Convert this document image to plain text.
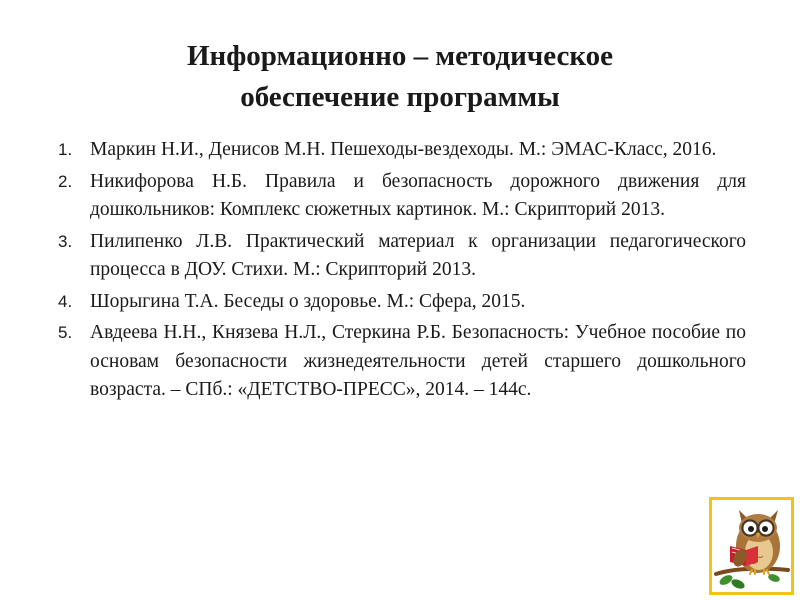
Информационно – методическое
обеспечение программы
1. Маркин Н.И., Денисов М.Н. Пешеходы-вездеходы. М.: ЭМАС-Класс, 2016.
2. Никифорова Н.Б. Правила и безопасность дорожного движения для дошкольников: Комплекс сюжетных картинок. М.: Скрипторий 2013.
3. Пилипенко Л.В. Практический материал к организации педагогического процесса в ДОУ. Стихи. М.: Скрипторий 2013.
4. Шорыгина Т.А. Беседы о здоровье. М.: Сфера, 2015.
5. Авдеева Н.Н., Князева Н.Л., Стеркина Р.Б. Безопасность: Учебное пособие по основам безопасности жизнедеятельности детей старшего дошкольного возраста. – СПб.: «ДЕТСТВО-ПРЕСС», 2014. – 144с.
